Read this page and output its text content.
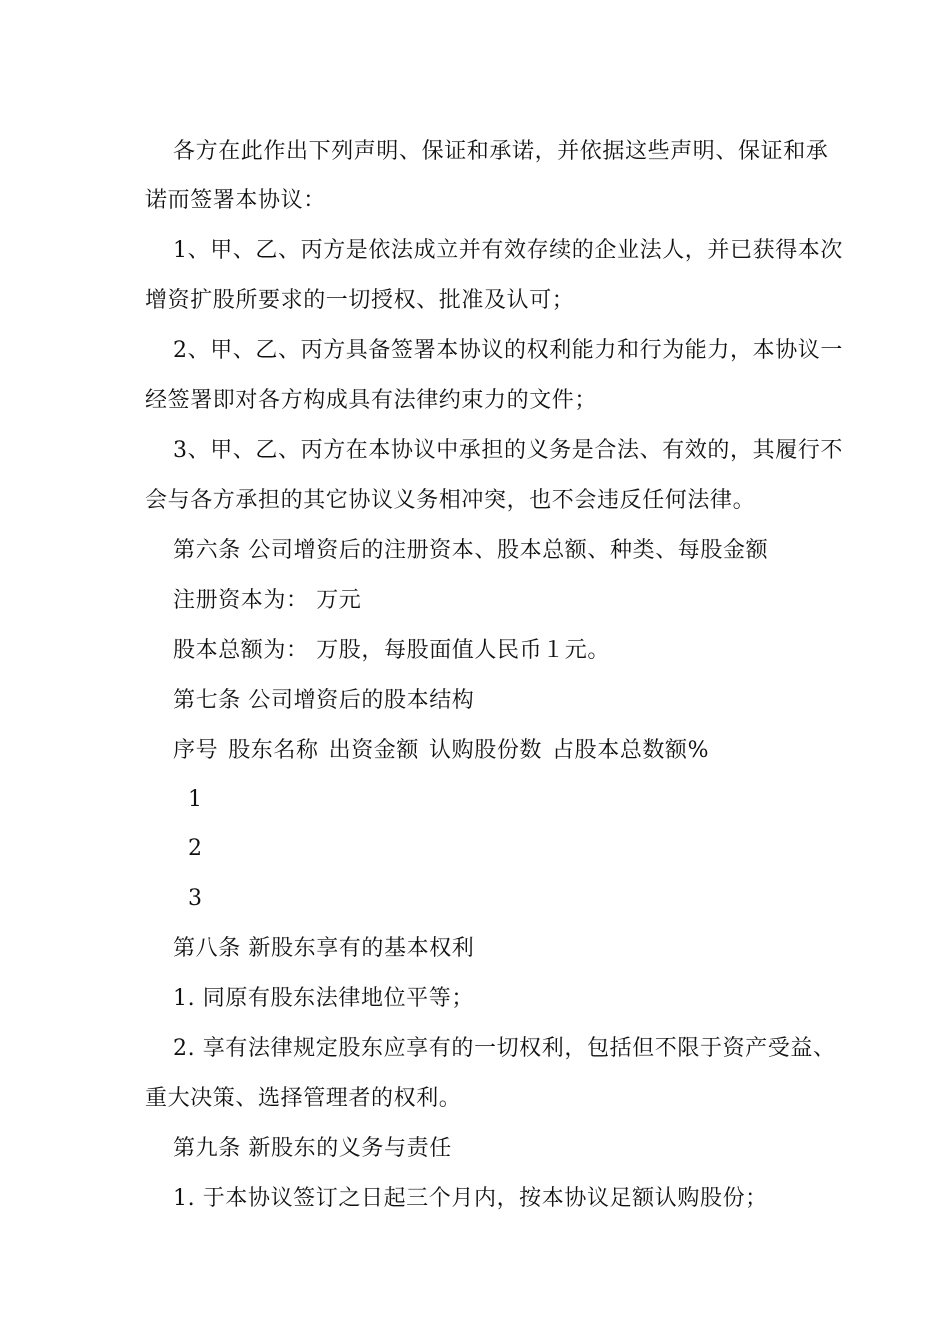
各方在此作出下列声明、保证和承诺，并依据这些声明、保证和承
诺而签署本协议：
1、甲、乙、丙方是依法成立并有效存续的企业法人，并已获得本次
增资扩股所要求的一切授权、批准及认可；
2、甲、乙、丙方具备签署本协议的权利能力和行为能力，本协议一
经签署即对各方构成具有法律约束力的文件；
3、甲、乙、丙方在本协议中承担的义务是合法、有效的，其履行不
会与各方承担的其它协议义务相冲突，也不会违反任何法律。
第六条 公司增资后的注册资本、股本总额、种类、每股金额
注册资本为： 万元
股本总额为： 万股，每股面值人民币１元。
第七条 公司增资后的股本结构
序号 股东名称 出资金额 认购股份数 占股本总数额%
1
2
3
第八条 新股东享有的基本权利
1. 同原有股东法律地位平等；
2. 享有法律规定股东应享有的一切权利，包括但不限于资产受益、
重大决策、选择管理者的权利。
第九条 新股东的义务与责任
1. 于本协议签订之日起三个月内，按本协议足额认购股份；
